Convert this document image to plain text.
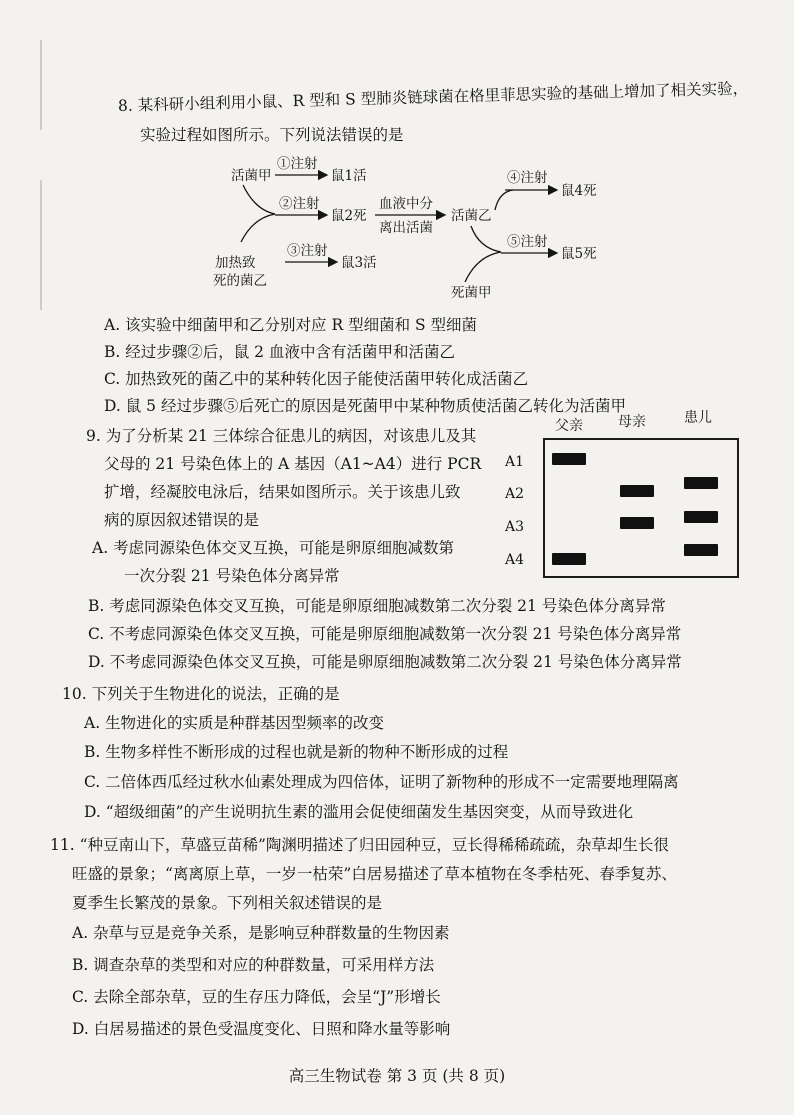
8. 某科研小组利用小鼠、R 型和 S 型肺炎链球菌在格里菲思实验的基础上增加了相关实验，
实验过程如图所示。下列说法错误的是
活菌甲
①注射
鼠1活
②注射
鼠2死
血液中分
离出活菌
活菌乙
④注射
鼠4死
加热致
死的菌乙
③注射
鼠3活
⑤注射
鼠5死
死菌甲
A. 该实验中细菌甲和乙分别对应 R 型细菌和 S 型细菌
B. 经过步骤②后，鼠 2 血液中含有活菌甲和活菌乙
C. 加热致死的菌乙中的某种转化因子能使活菌甲转化成活菌乙
D. 鼠 5 经过步骤⑤后死亡的原因是死菌甲中某种物质使活菌乙转化为活菌甲
9. 为了分析某 21 三体综合征患儿的病因，对该患儿及其
父母的 21 号染色体上的 A 基因（A1~A4）进行 PCR
扩增，经凝胶电泳后，结果如图所示。关于该患儿致
病的原因叙述错误的是
A. 考虑同源染色体交叉互换，可能是卵原细胞减数第
一次分裂 21 号染色体分离异常
B. 考虑同源染色体交叉互换，可能是卵原细胞减数第二次分裂 21 号染色体分离异常
C. 不考虑同源染色体交叉互换，可能是卵原细胞减数第一次分裂 21 号染色体分离异常
D. 不考虑同源染色体交叉互换，可能是卵原细胞减数第二次分裂 21 号染色体分离异常
父亲	母亲	患儿
A1
A2
A3
A4
10. 下列关于生物进化的说法，正确的是
A. 生物进化的实质是种群基因型频率的改变
B. 生物多样性不断形成的过程也就是新的物种不断形成的过程
C. 二倍体西瓜经过秋水仙素处理成为四倍体，证明了新物种的形成不一定需要地理隔离
D. “超级细菌”的产生说明抗生素的滥用会促使细菌发生基因突变，从而导致进化
11. “种豆南山下，草盛豆苗稀”陶渊明描述了归田园种豆，豆长得稀稀疏疏，杂草却生长很
旺盛的景象；“离离原上草，一岁一枯荣”白居易描述了草本植物在冬季枯死、春季复苏、
夏季生长繁茂的景象。下列相关叙述错误的是
A. 杂草与豆是竞争关系，是影响豆种群数量的生物因素
B. 调查杂草的类型和对应的种群数量，可采用样方法
C. 去除全部杂草，豆的生存压力降低，会呈“J”形增长
D. 白居易描述的景色受温度变化、日照和降水量等影响
高三生物试卷 第 3 页 (共 8 页)
